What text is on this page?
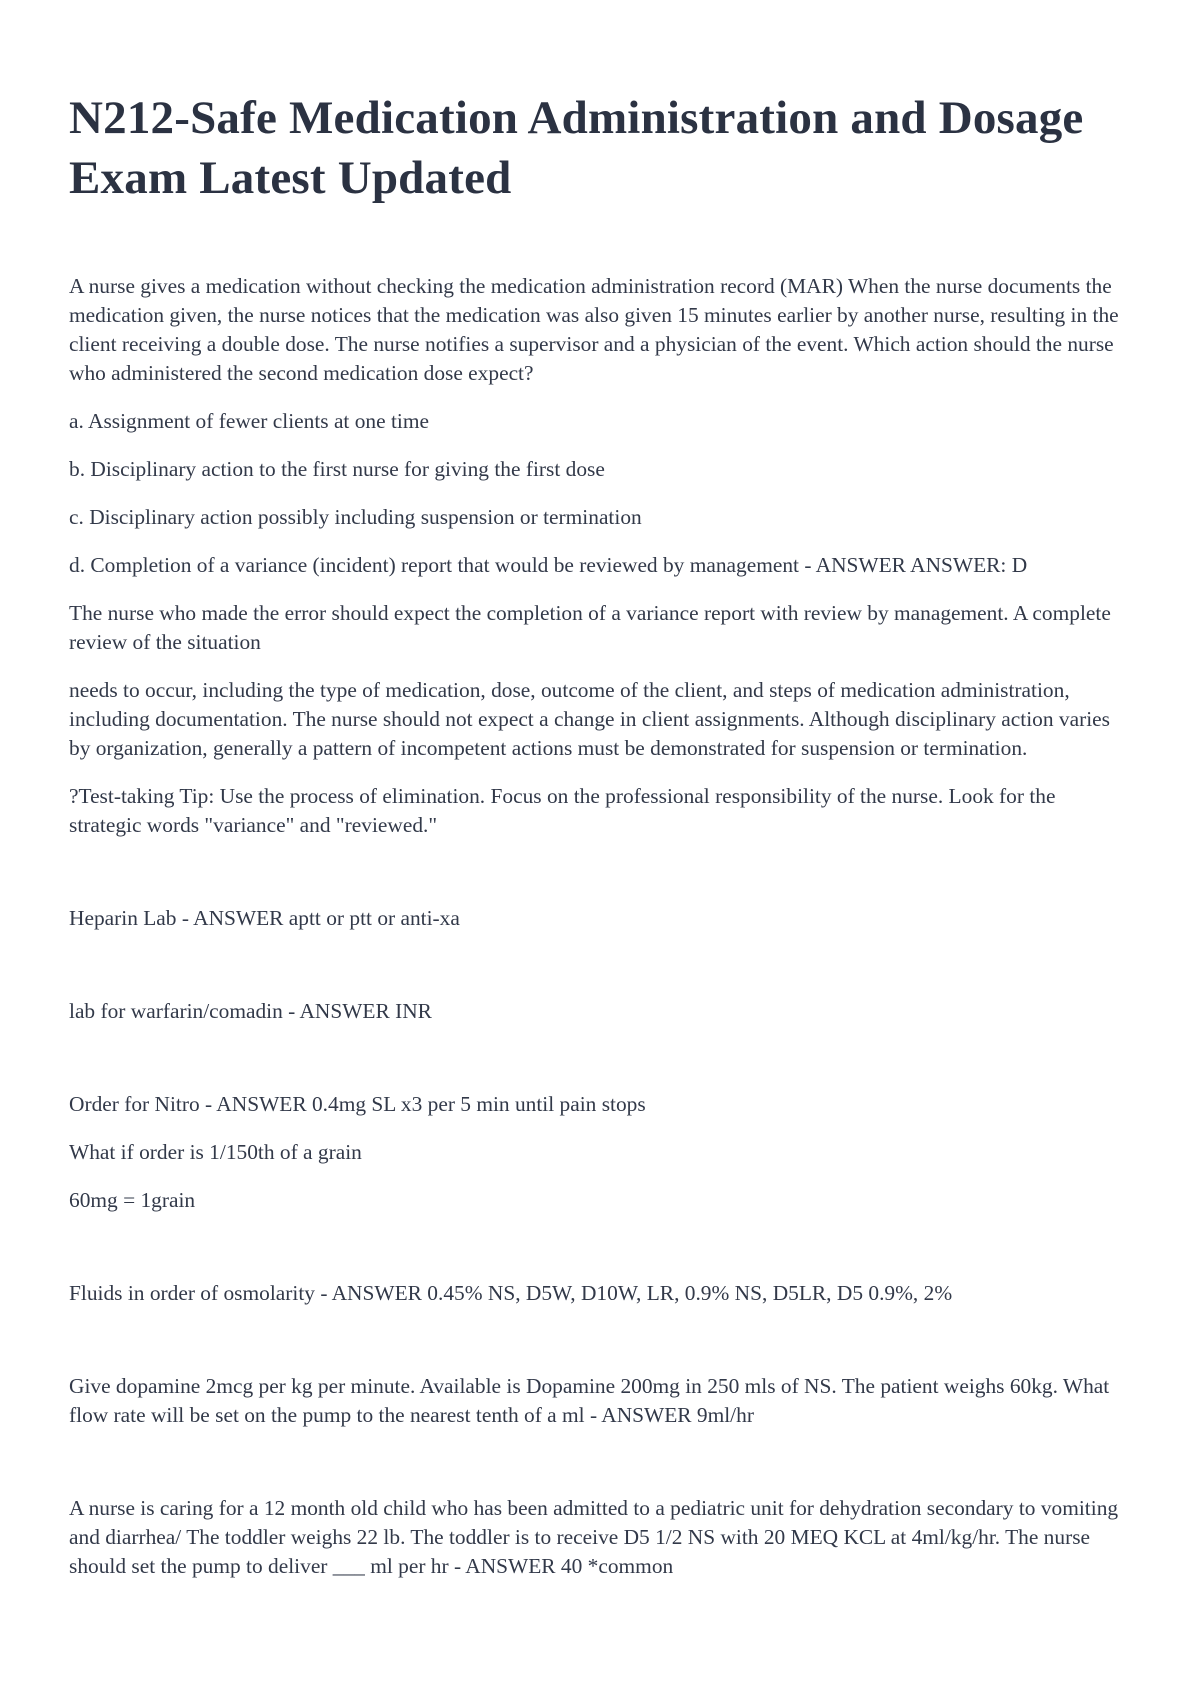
N212-Safe Medication Administration and Dosage Exam Latest Updated

A nurse gives a medication without checking the medication administration record (MAR) When the nurse documents the medication given, the nurse notices that the medication was also given 15 minutes earlier by another nurse, resulting in the client receiving a double dose. The nurse notifies a supervisor and a physician of the event. Which action should the nurse who administered the second medication dose expect?

a. Assignment of fewer clients at one time

b. Disciplinary action to the first nurse for giving the first dose

c. Disciplinary action possibly including suspension or termination

d. Completion of a variance (incident) report that would be reviewed by management - ANSWER ANSWER: D

The nurse who made the error should expect the completion of a variance report with review by management. A complete review of the situation

needs to occur, including the type of medication, dose, outcome of the client, and steps of medication administration, including documentation. The nurse should not expect a change in client assignments. Although disciplinary action varies by organization, generally a pattern of incompetent actions must be demonstrated for suspension or termination.

?Test-taking Tip: Use the process of elimination. Focus on the professional responsibility of the nurse. Look for the strategic words "variance" and "reviewed."

Heparin Lab - ANSWER aptt or ptt or anti-xa

lab for warfarin/comadin - ANSWER INR

Order for Nitro - ANSWER 0.4mg SL x3 per 5 min until pain stops

What if order is 1/150th of a grain

60mg = 1grain

Fluids in order of osmolarity - ANSWER 0.45% NS, D5W, D10W, LR, 0.9% NS, D5LR, D5 0.9%, 2%

Give dopamine 2mcg per kg per minute. Available is Dopamine 200mg in 250 mls of NS. The patient weighs 60kg. What flow rate will be set on the pump to the nearest tenth of a ml - ANSWER 9ml/hr

A nurse is caring for a 12 month old child who has been admitted to a pediatric unit for dehydration secondary to vomiting and diarrhea/ The toddler weighs 22 lb. The toddler is to receive D5 1/2 NS with 20 MEQ KCL at 4ml/kg/hr. The nurse should set the pump to deliver ___ ml per hr - ANSWER 40 *common
